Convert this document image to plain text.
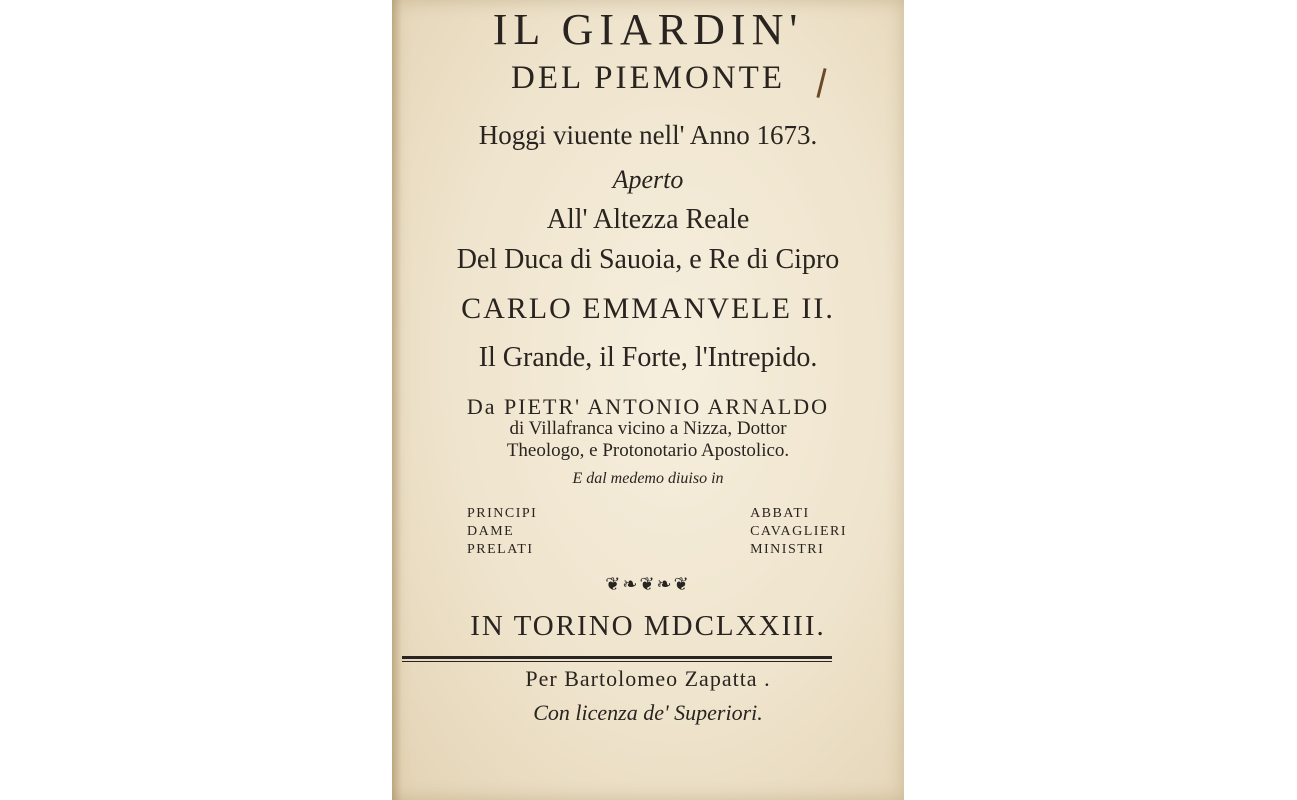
IL GIARDIN'
DEL PIEMONTE
Hoggi viuente nell' Anno 1673.
Aperto
All' Altezza Reale
Del Duca di Sauoia, e Re di Cipro
CARLO EMMANVELE II.
Il Grande, il Forte, l'Intrepido.
Da PIETR' ANTONIO ARNALDO
di Villafranca vicino a Nizza, Dottor
Theologo, e Protonotario Apostolico.
E dal medemo diuiso in
PRINCIPI
DAME
PRELATI
ABBATI
CAVAGLIERI
MINISTRI
❦❧❦❧❦
IN TORINO MDCLXXIII.
Per Bartolomeo Zapatta .
Con licenza de' Superiori.
